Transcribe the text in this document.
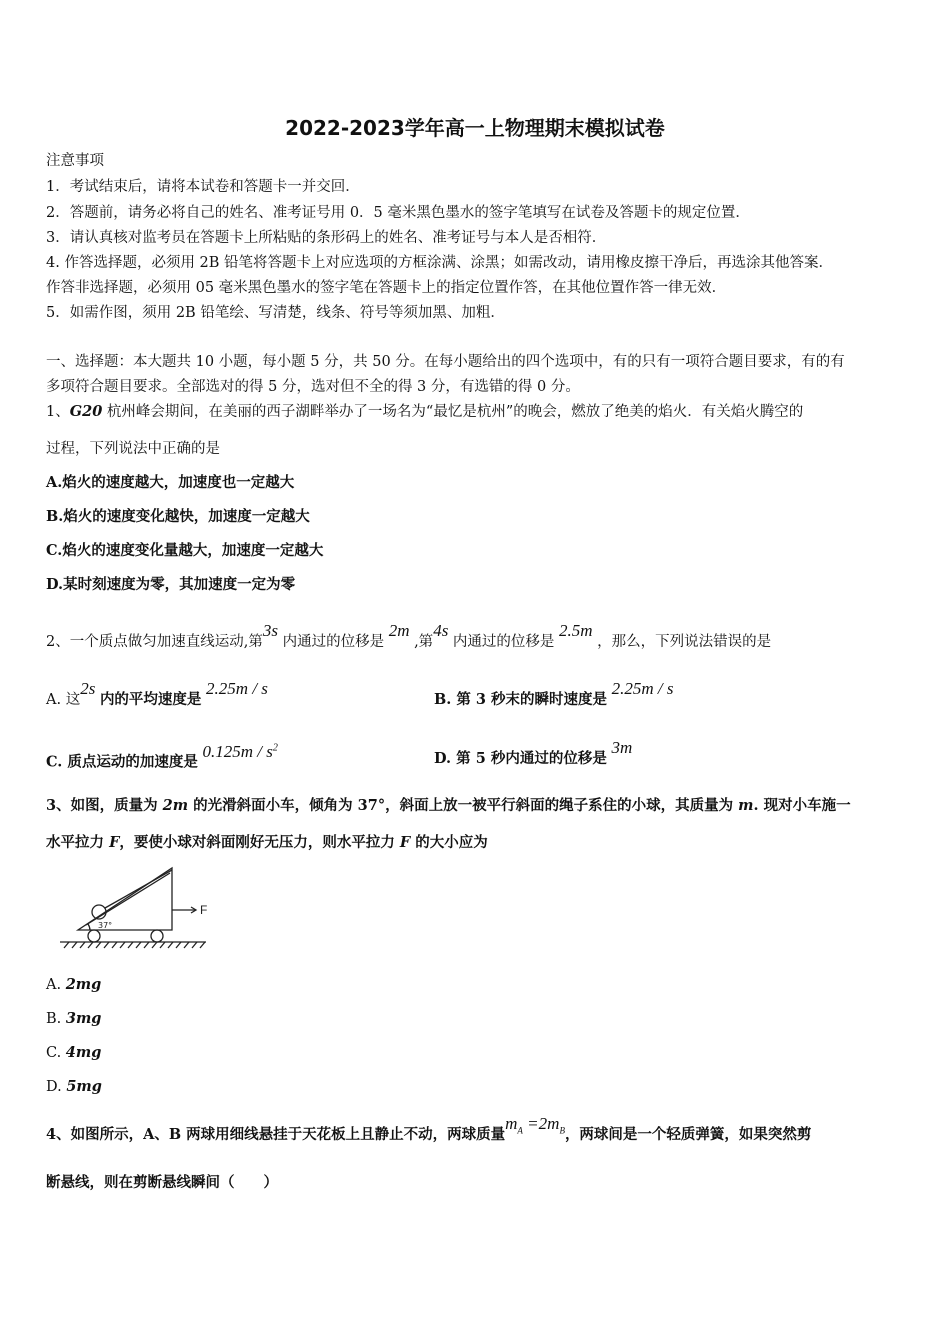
2022-2023学年高一上物理期末模拟试卷
注意事项
1．考试结束后，请将本试卷和答题卡一并交回．
2．答题前，请务必将自己的姓名、准考证号用 0．5 毫米黑色墨水的签字笔填写在试卷及答题卡的规定位置．
3．请认真核对监考员在答题卡上所粘贴的条形码上的姓名、准考证号与本人是否相符．
4. 作答选择题，必须用 2B 铅笔将答题卡上对应选项的方框涂满、涂黑；如需改动，请用橡皮擦干净后，再选涂其他答案．
作答非选择题，必须用 05 毫米黑色墨水的签字笔在答题卡上的指定位置作答，在其他位置作答一律无效．
5．如需作图，须用 2B 铅笔绘、写清楚，线条、符号等须加黑、加粗．
一、选择题：本大题共 10 小题，每小题 5 分，共 50 分。在每小题给出的四个选项中，有的只有一项符合题目要求，有的有
多项符合题目要求。全部选对的得 5 分，选对但不全的得 3 分，有选错的得 0 分。
1、G20 杭州峰会期间，在美丽的西子湖畔举办了一场名为“最忆是杭州”的晚会，燃放了绝美的焰火．有关焰火腾空的
过程，下列说法中正确的是
A.焰火的速度越大，加速度也一定越大
B.焰火的速度变化越快，加速度一定越大
C.焰火的速度变化量越大，加速度一定越大
D.某时刻速度为零，其加速度一定为零
2、一个质点做匀加速直线运动,第3s 内通过的位移是 2m ,第4s 内通过的位移是 2.5m ，那么，下列说法错误的是
A. 这2s 内的平均速度是 2.25m / s
B. 第 3 秒末的瞬时速度是 2.25m / s
C. 质点运动的加速度是 $0.125m / s^2$
D. 第 5 秒内通过的位移是 3m
3、如图，质量为 2m 的光滑斜面小车，倾角为 37°，斜面上放一被平行斜面的绳子系住的小球，其质量为 m. 现对小车施一
水平拉力 F，要使小球对斜面刚好无压力，则水平拉力 F 的大小应为
37°
F
A. 2mg
B. 3mg
C. 4mg
D. 5mg
4、如图所示，A、B 两球用细线悬挂于天花板上且静止不动，两球质量$m_A =2m_B$，两球间是一个轻质弹簧，如果突然剪
断悬线，则在剪断悬线瞬间（　　）
